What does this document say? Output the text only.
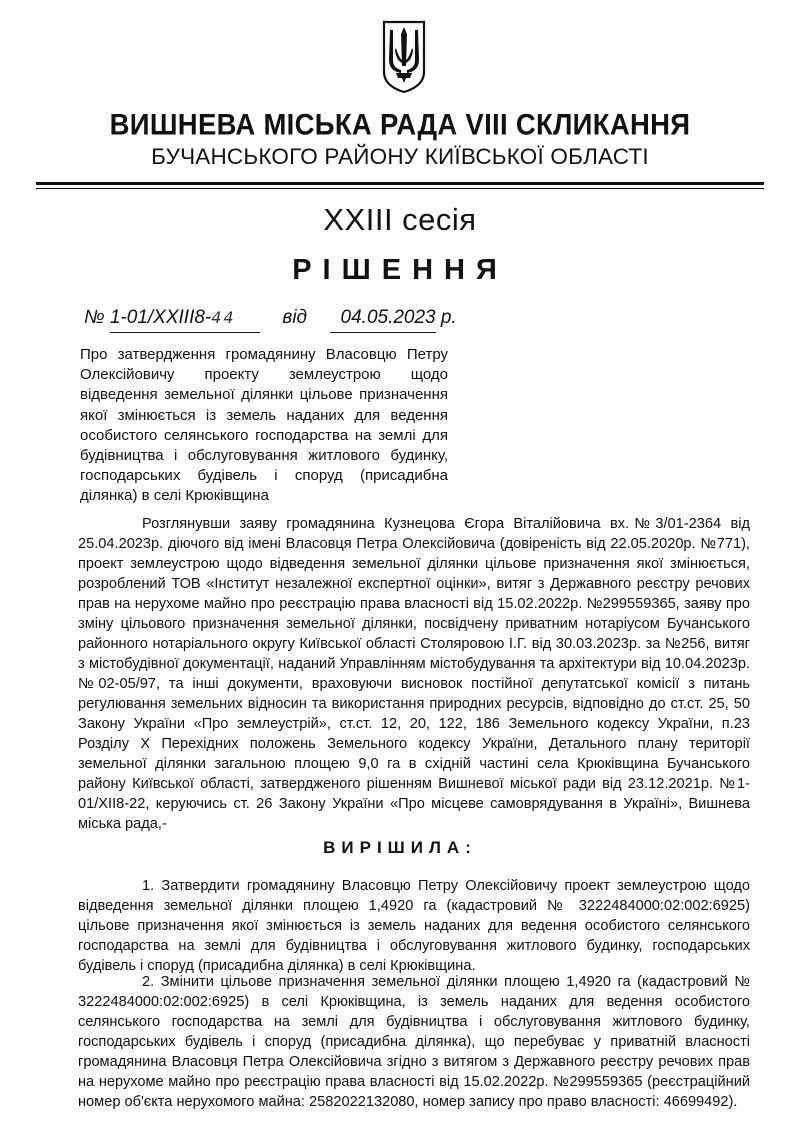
ВИШНЕВА МІСЬКА РАДА VIII СКЛИКАННЯ
БУЧАНСЬКОГО РАЙОНУ КИЇВСЬКОЇ ОБЛАСТІ
XXIII сесія
РІШЕННЯ
№ 1-01/XXIII8-44 від 04.05.2023 р.
Про затвердження громадянину Власовцю Петру Олексійовичу проекту землеустрою щодо відведення земельної ділянки цільове призначення якої змінюється із земель наданих для ведення особистого селянського господарства на землі для будівництва і обслуговування житлового будинку, господарських будівель і споруд (присадибна ділянка) в селі Крюківщина
Розглянувши заяву громадянина Кузнецова Єгора Віталійовича вх.№3/01-2364 від 25.04.2023р. діючого від імені Власовця Петра Олексійовича (довіреність від 22.05.2020р. №771), проект землеустрою щодо відведення земельної ділянки цільове призначення якої змінюється, розроблений ТОВ «Інститут незалежної експертної оцінки», витяг з Державного реєстру речових прав на нерухоме майно про реєстрацію права власності від 15.02.2022р. №299559365, заяву про зміну цільового призначення земельної ділянки, посвідчену приватним нотаріусом Бучанського районного нотаріального округу Київської області Столяровою І.Г. від 30.03.2023р. за №256, витяг з містобудівної документації, наданий Управлінням містобудування та архітектури від 10.04.2023р. №02-05/97, та інші документи, враховуючи висновок постійної депутатської комісії з питань регулювання земельних відносин та використання природних ресурсів, відповідно до ст.ст. 25, 50 Закону України «Про землеустрій», ст.ст. 12, 20, 122, 186 Земельного кодексу України, п.23 Розділу Х Перехідних положень Земельного кодексу України, Детального плану території земельної ділянки загальною площею 9,0 га в східній частині села Крюківщина Бучанського району Київської області, затвердженого рішенням Вишневої міської ради від 23.12.2021р. №1-01/XII8-22, керуючись ст. 26 Закону України «Про місцеве самоврядування в Україні», Вишнева міська рада,-
ВИРІШИЛА:
1. Затвердити громадянину Власовцю Петру Олексійовичу проект землеустрою щодо відведення земельної ділянки площею 1,4920 га (кадастровий № 3222484000:02:002:6925) цільове призначення якої змінюється із земель наданих для ведення особистого селянського господарства на землі для будівництва і обслуговування житлового будинку, господарських будівель і споруд (присадибна ділянка) в селі Крюківщина.
2. Змінити цільове призначення земельної ділянки площею 1,4920 га (кадастровий № 3222484000:02:002:6925) в селі Крюківщина, із земель наданих для ведення особистого селянського господарства на землі для будівництва і обслуговування житлового будинку, господарських будівель і споруд (присадибна ділянка), що перебуває у приватній власності громадянина Власовця Петра Олексійовича згідно з витягом з Державного реєстру речових прав на нерухоме майно про реєстрацію права власності від 15.02.2022р. №299559365 (реєстраційний номер об'єкта нерухомого майна: 2582022132080, номер запису про право власності: 46699492).
